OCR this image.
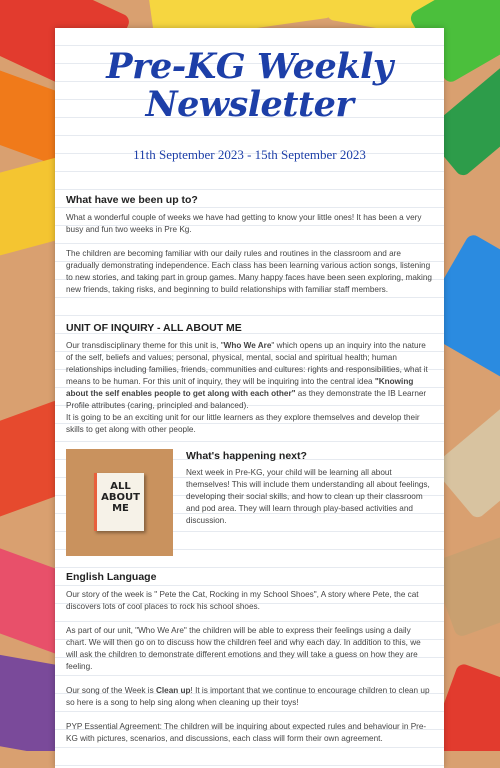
Pre-KG Weekly
Newsletter
11th September 2023 - 15th September 2023
What have we been up to?

What a wonderful couple of weeks we have had getting to know your little ones! It has been a very busy and fun two weeks in Pre Kg.

The children are becoming familiar with our daily rules and routines in the classroom and are gradually demonstrating independence. Each class has been learning various action songs, listening to new stories, and taking part in group games. Many happy faces have been seen exploring, making new friends, taking risks, and beginning to build relationships with familiar staff members.

UNIT OF INQUIRY - ALL ABOUT ME

Our transdisciplinary theme for this unit is, "Who We Are" which opens up an inquiry into the nature of the self, beliefs and values; personal, physical, mental, social and spiritual health; human relationships including families, friends, communities and cultures: rights and responsibilities, what it means to be human. For this unit of inquiry, they will be inquiring into the central idea "Knowing about the self enables people to get along with each other" as they demonstrate the IB Learner Profile attributes (caring, principled and balanced).

It is going to be an exciting unit for our little learners as they explore themselves and develop their skills to get along with other people.

ALL ABOUT ME
What's happening next?

Next week in Pre-KG, your child will be learning all about themselves! This will include them understanding all about feelings, developing their social skills, and how to clean up their classroom and pod area. They will learn through play-based activities and discussion.

English Language

Our story of the week is " Pete the Cat, Rocking in my School Shoes", A story where Pete, the cat discovers lots of cool places to rock his school shoes.

As part of our unit, "Who We Are" the children will be able to express their feelings using a daily chart. We will then go on to discuss how the children feel and why each day. In addition to this, we will ask the children to demonstrate different emotions and they will take a guess on how they are feeling.

Our song of the Week is Clean up! It is important that we continue to encourage children to clean up so here is a song to help sing along when cleaning up their toys!

PYP Essential Agreement: The children will be inquiring about expected rules and behaviour in Pre-KG with pictures, scenarios, and discussions, each class will form their own agreement.
